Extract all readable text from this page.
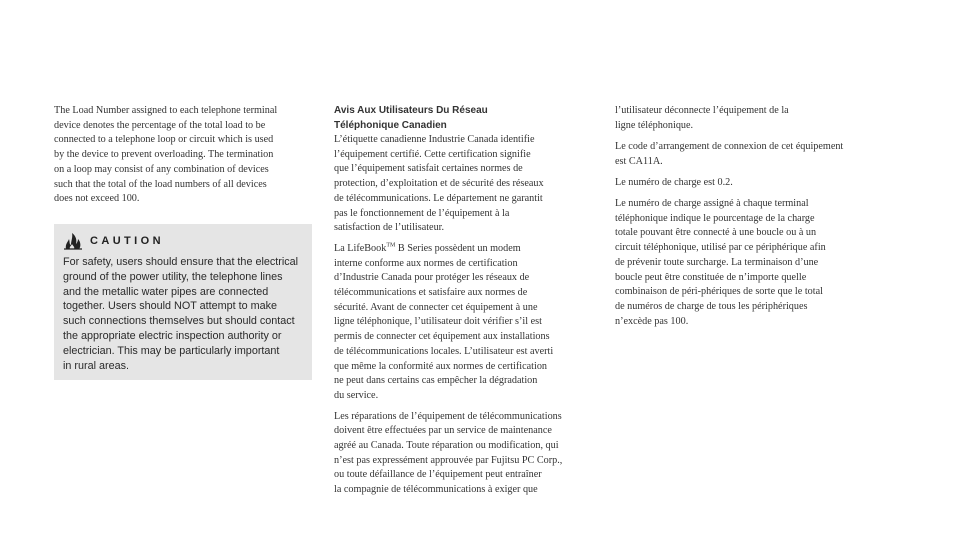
The Load Number assigned to each telephone terminal
device denotes the percentage of the total load to be
connected to a telephone loop or circuit which is used
by the device to prevent overloading. The termination
on a loop may consist of any combination of devices
such that the total of the load numbers of all devices
does not exceed 100.

CAUTION
For safety, users should ensure that the electrical
ground of the power utility, the telephone lines
and the metallic water pipes are connected
together. Users should NOT attempt to make
such connections themselves but should contact
the appropriate electric inspection authority or
electrician. This may be particularly important
in rural areas.
Avis Aux Utilisateurs Du Réseau
Téléphonique Canadien

L’étiquette canadienne Industrie Canada identifie
l’équipement certifié. Cette certification signifie
que l’équipement satisfait certaines normes de
protection, d’exploitation et de sécurité des réseaux
de télécommunications. Le département ne garantit
pas le fonctionnement de l’équipement à la
satisfaction de l’utilisateur.

La LifeBook™ B Series possèdent un modem
interne conforme aux normes de certification
d’Industrie Canada pour protéger les réseaux de
télécommunications et satisfaire aux normes de
sécurité. Avant de connecter cet équipement à une
ligne téléphonique, l’utilisateur doit vérifier s’il est
permis de connecter cet équipement aux installations
de télécommunications locales. L’utilisateur est averti
que même la conformité aux normes de certification
ne peut dans certains cas empêcher la dégradation
du service.

Les réparations de l’équipement de télécommunications
doivent être effectuées par un service de maintenance
agréé au Canada. Toute réparation ou modification, qui
n’est pas expressément approuvée par Fujitsu PC Corp.,
ou toute défaillance de l’équipement peut entraîner
la compagnie de télécommunications à exiger que

l’utilisateur déconnecte l’équipement de la
ligne téléphonique.

Le code d’arrangement de connexion de cet équipement
est CA11A.

Le numéro de charge est 0.2.

Le numéro de charge assigné à chaque terminal
téléphonique indique le pourcentage de la charge
totale pouvant être connecté à une boucle ou à un
circuit téléphonique, utilisé par ce périphérique afin
de prévenir toute surcharge. La terminaison d’une
boucle peut être constituée de n’importe quelle
combinaison de péri-phériques de sorte que le total
de numéros de charge de tous les périphériques
n’excède pas 100.
